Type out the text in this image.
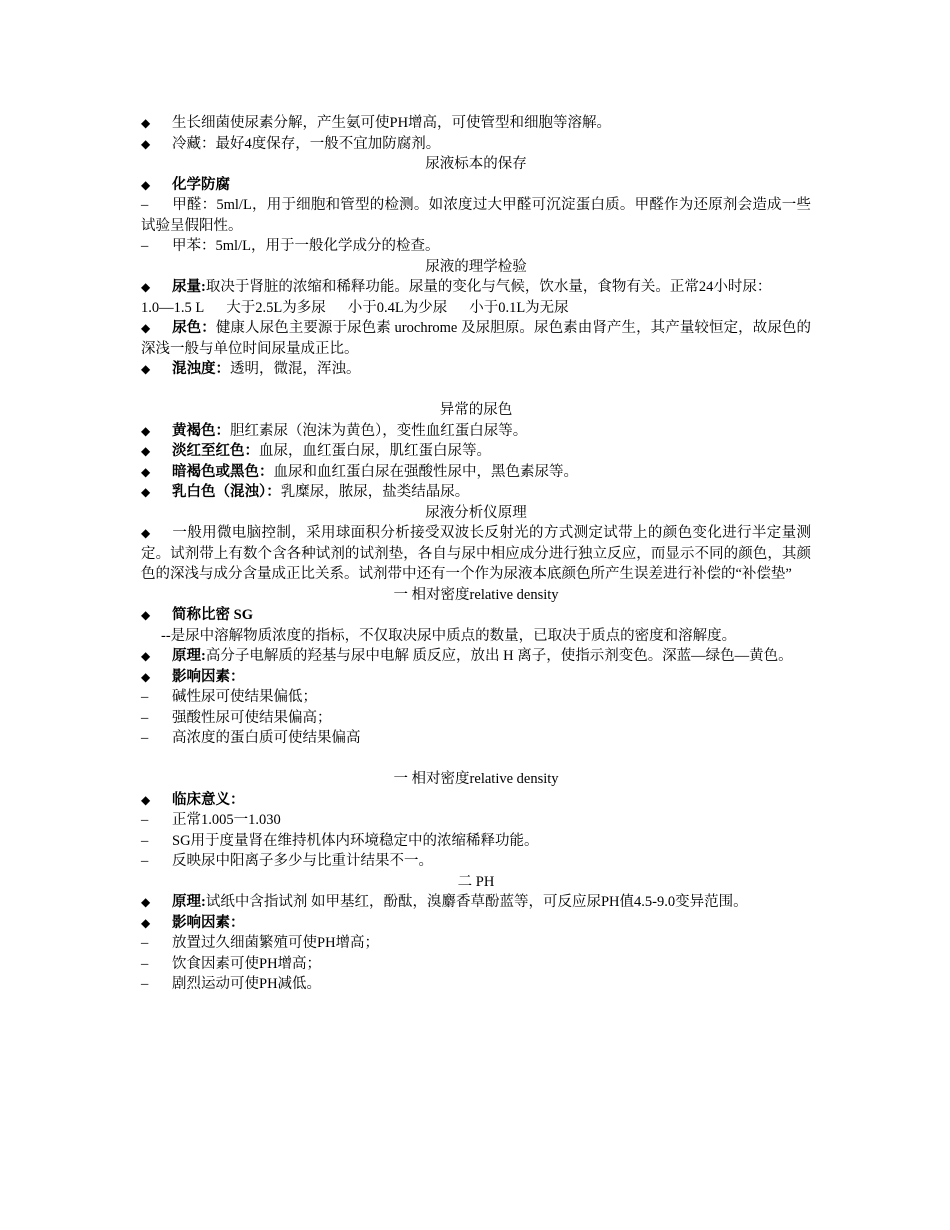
◆ 生长细菌使尿素分解，产生氨可使PH增高，可使管型和细胞等溶解。
◆ 冷藏：最好4度保存，一般不宜加防腐剂。
尿液标本的保存
◆ 化学防腐
– 甲醛：5ml/L，用于细胞和管型的检测。如浓度过大甲醛可沉淀蛋白质。甲醛作为还原剂会造成一些试验呈假阳性。
– 甲苯：5ml/L，用于一般化学成分的检查。
尿液的理学检验
◆ 尿量:取决于肾脏的浓缩和稀释功能。尿量的变化与气候，饮水量，食物有关。正常24小时尿：
1.0—1.5 L 大于2.5L为多尿 小于0.4L为少尿 小于0.1L为无尿
◆ 尿色：健康人尿色主要源于尿色素 urochrome 及尿胆原。尿色素由肾产生，其产量较恒定，故尿色的深浅一般与单位时间尿量成正比。
◆ 混浊度：透明，微混，浑浊。
异常的尿色
◆ 黄褐色：胆红素尿（泡沫为黄色），变性血红蛋白尿等。
◆ 淡红至红色：血尿，血红蛋白尿，肌红蛋白尿等。
◆ 暗褐色或黑色：血尿和血红蛋白尿在强酸性尿中，黑色素尿等。
◆ 乳白色（混浊）：乳糜尿，脓尿，盐类结晶尿。
尿液分析仪原理
◆ 一般用微电脑控制，采用球面积分析接受双波长反射光的方式测定试带上的颜色变化进行半定量测定。试剂带上有数个含各种试剂的试剂垫，各自与尿中相应成分进行独立反应，而显示不同的颜色，其颜色的深浅与成分含量成正比关系。试剂带中还有一个作为尿液本底颜色所产生误差进行补偿的“补偿垫”
一 相对密度relative density
◆ 简称比密 SG
--是尿中溶解物质浓度的指标，不仅取决尿中质点的数量，已取决于质点的密度和溶解度。
◆ 原理:高分子电解质的羟基与尿中电解 质反应，放出 H 离子，使指示剂变色。深蓝—绿色—黄色。
◆ 影响因素：
– 碱性尿可使结果偏低；
– 强酸性尿可使结果偏高；
– 高浓度的蛋白质可使结果偏高
一 相对密度relative density
◆ 临床意义：
– 正常1.005一1.030
– SG用于度量肾在维持机体内环境稳定中的浓缩稀释功能。
– 反映尿中阳离子多少与比重计结果不一。
二 PH
◆ 原理:试纸中含指试剂 如甲基红，酚酞，溴麝香草酚蓝等，可反应尿PH值4.5-9.0变异范围。
◆ 影响因素：
– 放置过久细菌繁殖可使PH增高；
– 饮食因素可使PH增高；
– 剧烈运动可使PH减低。
